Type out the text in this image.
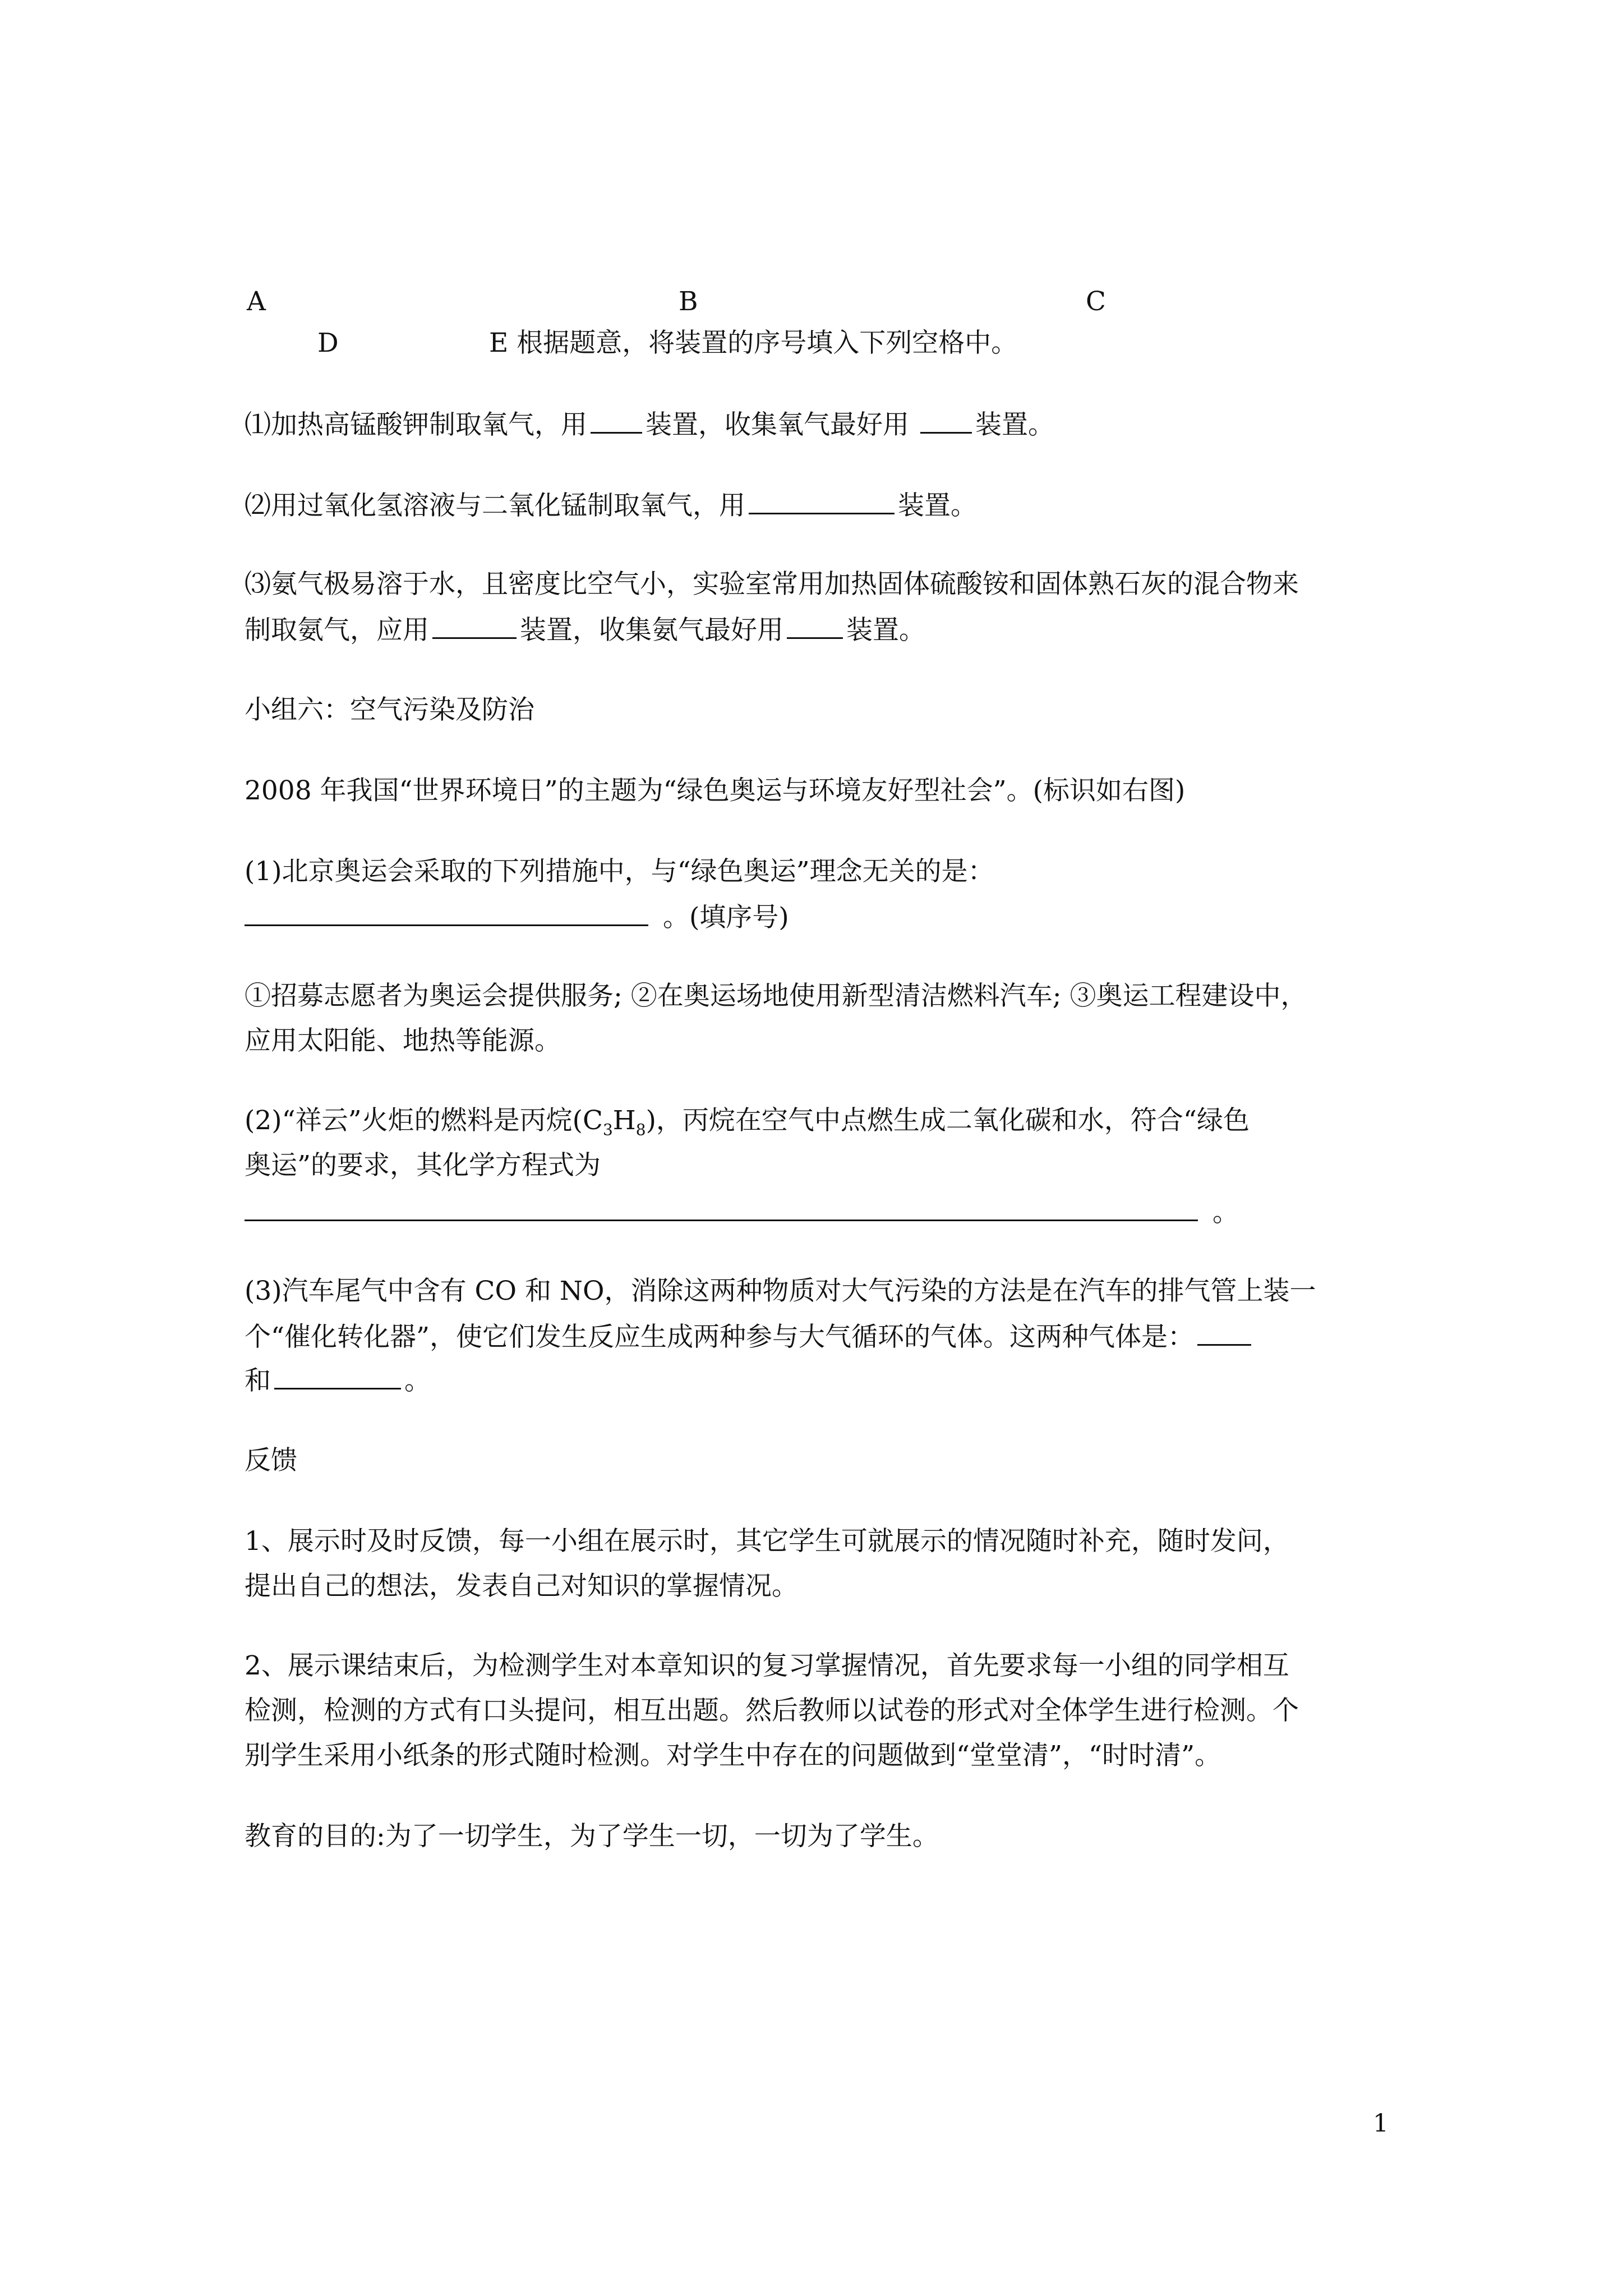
A	B	C
D	E 根据题意，将装置的序号填入下列空格中。
⑴加热高锰酸钾制取氧气，用 装置，收集氧气最好用	装置。
⑵用过氧化氢溶液与二氧化锰制取氧气，用	装置。
⑶氨气极易溶于水，且密度比空气小，实验室常用加热固体硫酸铵和固体熟石灰的混合物来
制取氨气，应用	装置，收集氨气最好用 装置。
小组六：空气污染及防治
2008 年我国“世界环境日”的主题为“绿色奥运与环境友好型社会”。(标识如右图)
(1)北京奥运会采取的下列措施中，与“绿色奥运”理念无关的是：
。(填序号)
①招募志愿者为奥运会提供服务; ②在奥运场地使用新型清洁燃料汽车; ③奥运工程建设中，
应用太阳能、地热等能源。
(2)“祥云”火炬的燃料是丙烷$(C_3H_8)$，丙烷在空气中点燃生成二氧化碳和水，符合“绿色
奥运”的要求，其化学方程式为
。
(3)汽车尾气中含有 CO 和 NO，消除这两种物质对大气污染的方法是在汽车的排气管上装一
个“催化转化器”，使它们发生反应生成两种参与大气循环的气体。这两种气体是：
和	。
反馈
1、展示时及时反馈，每一小组在展示时，其它学生可就展示的情况随时补充，随时发问，
提出自己的想法，发表自己对知识的掌握情况。
2、展示课结束后，为检测学生对本章知识的复习掌握情况，首先要求每一小组的同学相互
检测，检测的方式有口头提问，相互出题。然后教师以试卷的形式对全体学生进行检测。个
别学生采用小纸条的形式随时检测。对学生中存在的问题做到“堂堂清”，“时时清”。
教育的目的:为了一切学生，为了学生一切，一切为了学生。
1
